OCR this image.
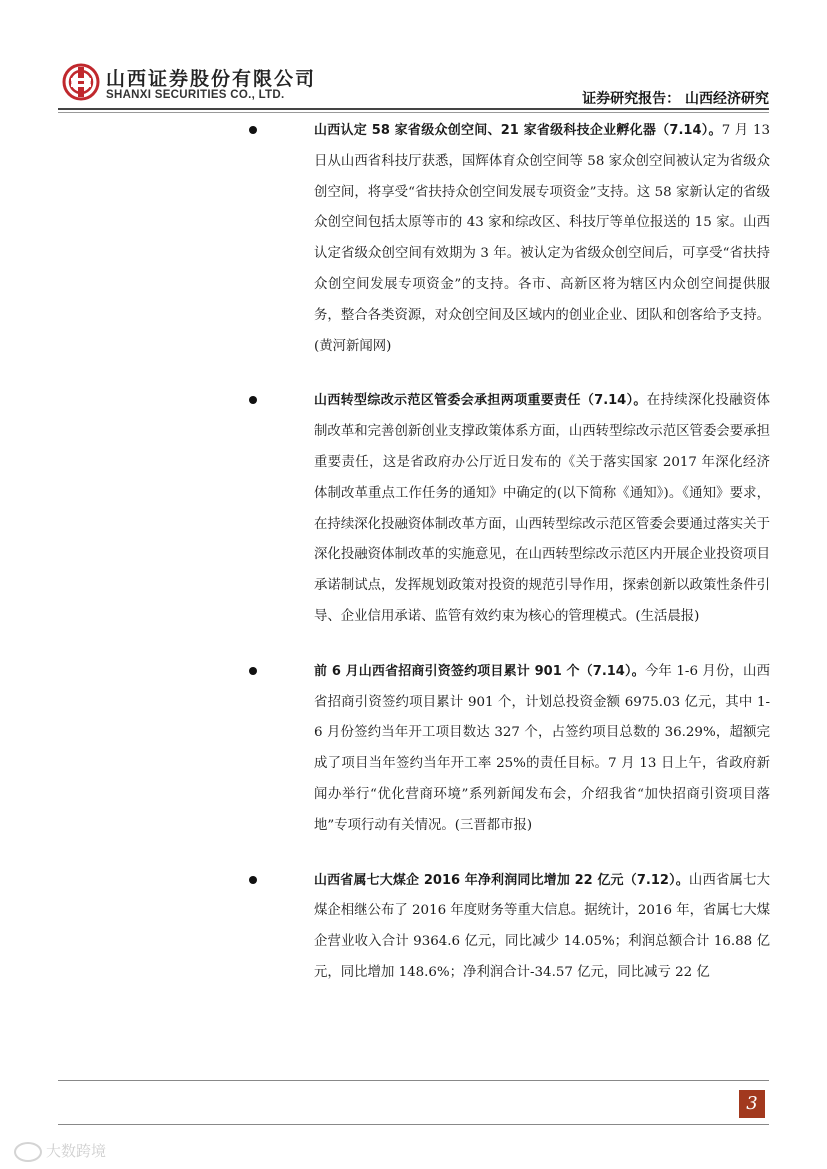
山西证券股份有限公司
SHANXI SECURITIES CO., LTD.	证券研究报告： 山西经济研究

山西认定 58 家省级众创空间、21 家省级科技企业孵化器（7.14）。7 月 13 日从山西省科技厅获悉，国辉体育众创空间等 58 家众创空间被认定为省级众创空间，将享受“省扶持众创空间发展专项资金”支持。这 58 家新认定的省级众创空间包括太原等市的 43 家和综改区、科技厅等单位报送的 15 家。山西认定省级众创空间有效期为 3 年。被认定为省级众创空间后，可享受“省扶持众创空间发展专项资金”的支持。各市、高新区将为辖区内众创空间提供服务，整合各类资源，对众创空间及区域内的创业企业、团队和创客给予支持。(黄河新闻网)

山西转型综改示范区管委会承担两项重要责任（7.14）。在持续深化投融资体制改革和完善创新创业支撑政策体系方面，山西转型综改示范区管委会要承担重要责任，这是省政府办公厅近日发布的《关于落实国家 2017 年深化经济体制改革重点工作任务的通知》中确定的(以下简称《通知》)。《通知》要求，在持续深化投融资体制改革方面，山西转型综改示范区管委会要通过落实关于深化投融资体制改革的实施意见，在山西转型综改示范区内开展企业投资项目承诺制试点，发挥规划政策对投资的规范引导作用，探索创新以政策性条件引导、企业信用承诺、监管有效约束为核心的管理模式。(生活晨报)

前 6 月山西省招商引资签约项目累计 901 个（7.14）。今年 1-6 月份，山西省招商引资签约项目累计 901 个，计划总投资金额 6975.03 亿元，其中 1-6 月份签约当年开工项目数达 327 个，占签约项目总数的 36.29%，超额完成了项目当年签约当年开工率 25%的责任目标。7 月 13 日上午，省政府新闻办举行“优化营商环境”系列新闻发布会，介绍我省“加快招商引资项目落地”专项行动有关情况。(三晋都市报)

山西省属七大煤企 2016 年净利润同比增加 22 亿元（7.12）。山西省属七大煤企相继公布了 2016 年度财务等重大信息。据统计，2016 年，省属七大煤企营业收入合计 9364.6 亿元，同比减少 14.05%；利润总额合计 16.88 亿元，同比增加 148.6%；净利润合计-34.57 亿元，同比减亏 22 亿

3
大数跨境
